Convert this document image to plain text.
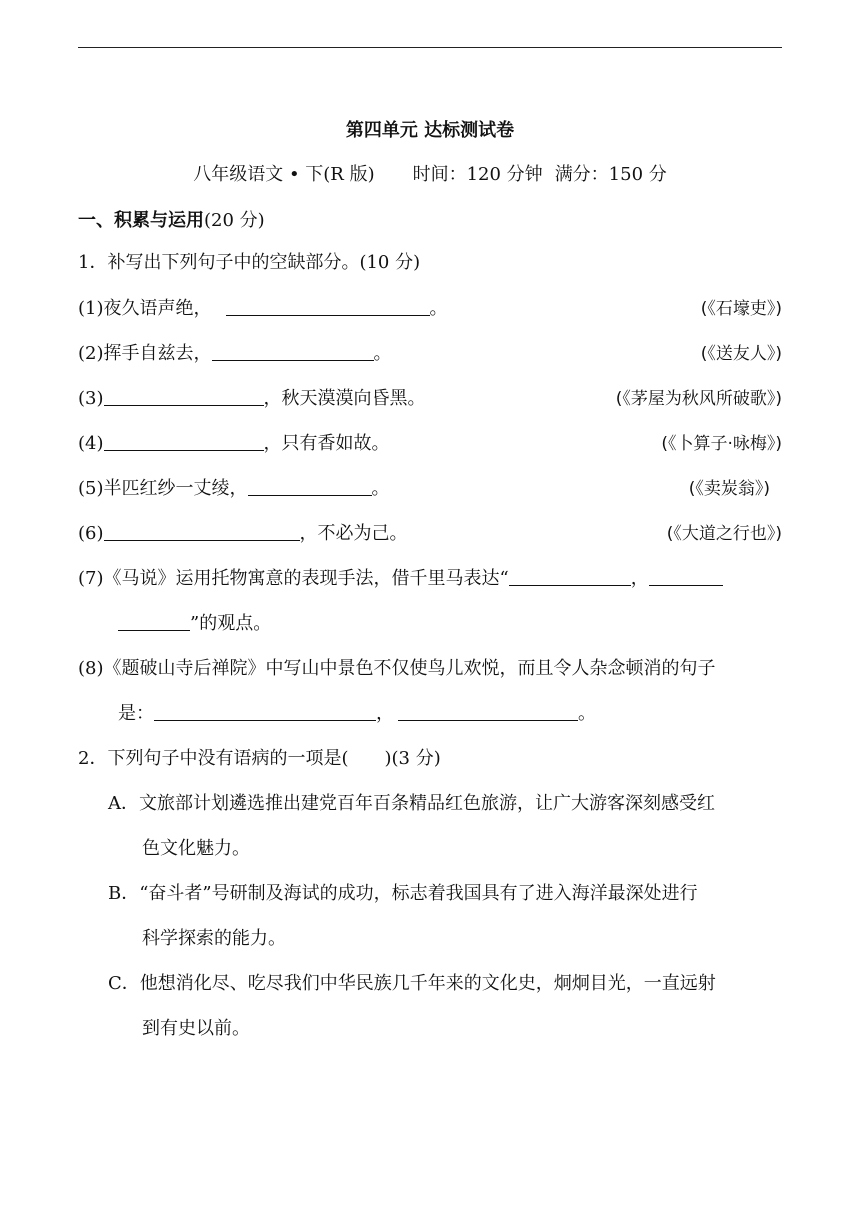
第四单元 达标测试卷
八年级语文 • 下(R 版) 时间：120 分钟 满分：150 分
一、积累与运用(20 分)
1．补写出下列句子中的空缺部分。(10 分)
(1)夜久语声绝，	。	(《石壕吏》)
(2)挥手自兹去，	。	(《送友人》)
(3)	，秋天漠漠向昏黑。	(《茅屋为秋风所破歌》)
(4)	，只有香如故。	(《卜算子·咏梅》)
(5)半匹红纱一丈绫，	。	(《卖炭翁》)
(6)	，不必为己。	(《大道之行也》)
(7)《马说》运用托物寓意的表现手法，借千里马表达“	，
”的观点。
(8)《题破山寺后禅院》中写山中景色不仅使鸟儿欢悦，而且令人杂念顿消的句子
是：	，	。
2．下列句子中没有语病的一项是(　　)(3 分)
A．文旅部计划遴选推出建党百年百条精品红色旅游，让广大游客深刻感受红
色文化魅力。
B．“奋斗者”号研制及海试的成功，标志着我国具有了进入海洋最深处进行
科学探索的能力。
C．他想消化尽、吃尽我们中华民族几千年来的文化史，炯炯目光，一直远射
到有史以前。
